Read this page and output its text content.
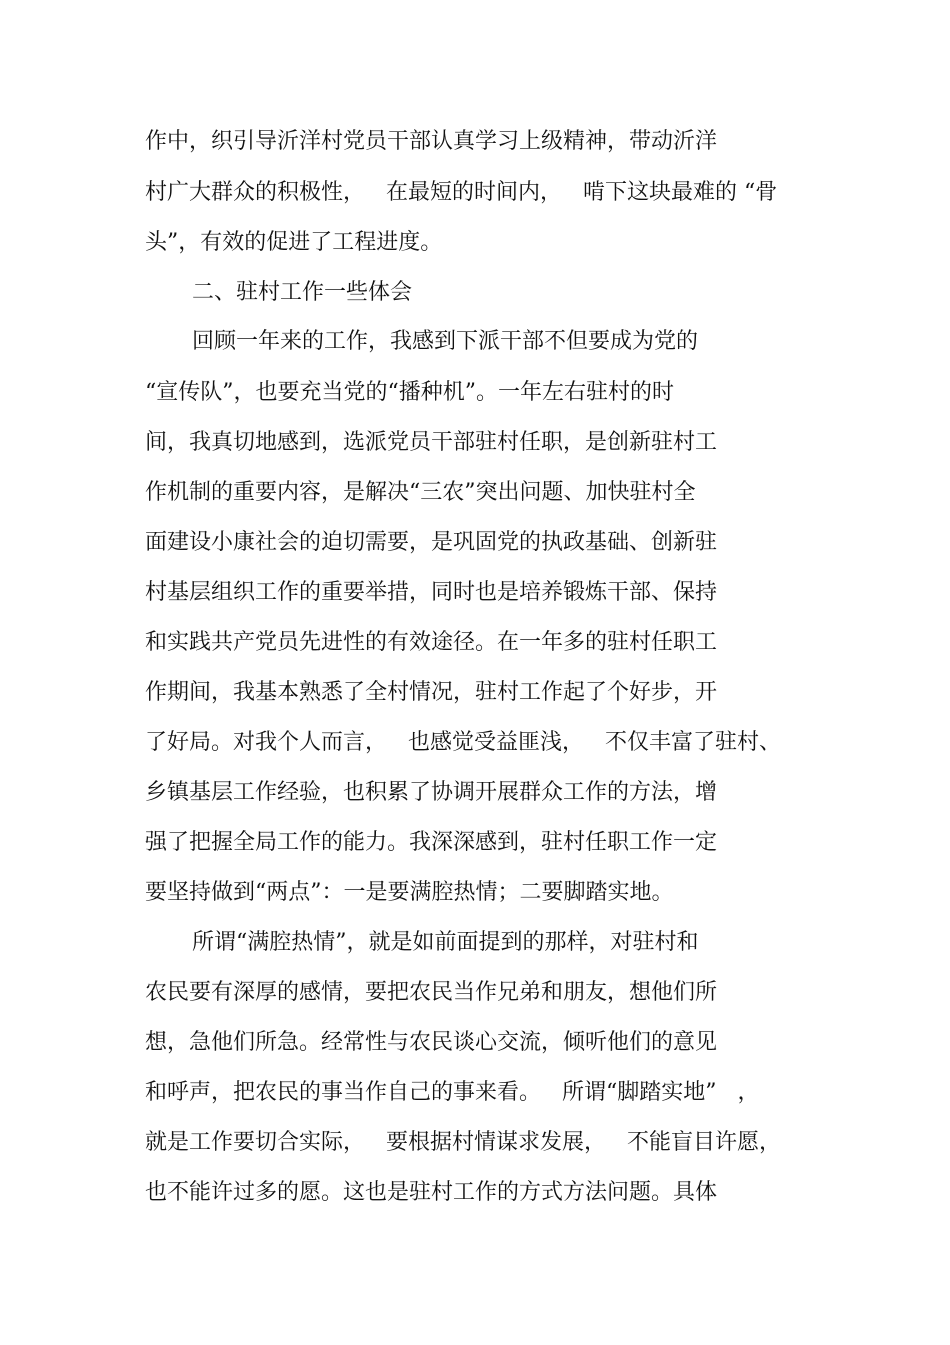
作中，织引导沂洋村党员干部认真学习上级精神，带动沂洋
村广大群众的积极性，   在最短的时间内，   啃下这块最难的 “骨
头”，有效的促进了工程进度。
二、驻村工作一些体会
回顾一年来的工作，我感到下派干部不但要成为党的
“宣传队”，也要充当党的“播种机”。一年左右驻村的时
间，我真切地感到，选派党员干部驻村任职，是创新驻村工
作机制的重要内容，是解决“三农”突出问题、加快驻村全
面建设小康社会的迫切需要，是巩固党的执政基础、创新驻
村基层组织工作的重要举措，同时也是培养锻炼干部、保持
和实践共产党员先进性的有效途径。在一年多的驻村任职工
作期间，我基本熟悉了全村情况，驻村工作起了个好步，开
了好局。对我个人而言，   也感觉受益匪浅，   不仅丰富了驻村、
乡镇基层工作经验，也积累了协调开展群众工作的方法，增
强了把握全局工作的能力。我深深感到，驻村任职工作一定
要坚持做到“两点”：一是要满腔热情；二要脚踏实地。
所谓“满腔热情”，就是如前面提到的那样，对驻村和
农民要有深厚的感情，要把农民当作兄弟和朋友，想他们所
想，急他们所急。经常性与农民谈心交流，倾听他们的意见
和呼声，把农民的事当作自己的事来看。   所谓“脚踏实地”   ，
就是工作要切合实际，   要根据村情谋求发展，   不能盲目许愿，
也不能许过多的愿。这也是驻村工作的方式方法问题。具体
